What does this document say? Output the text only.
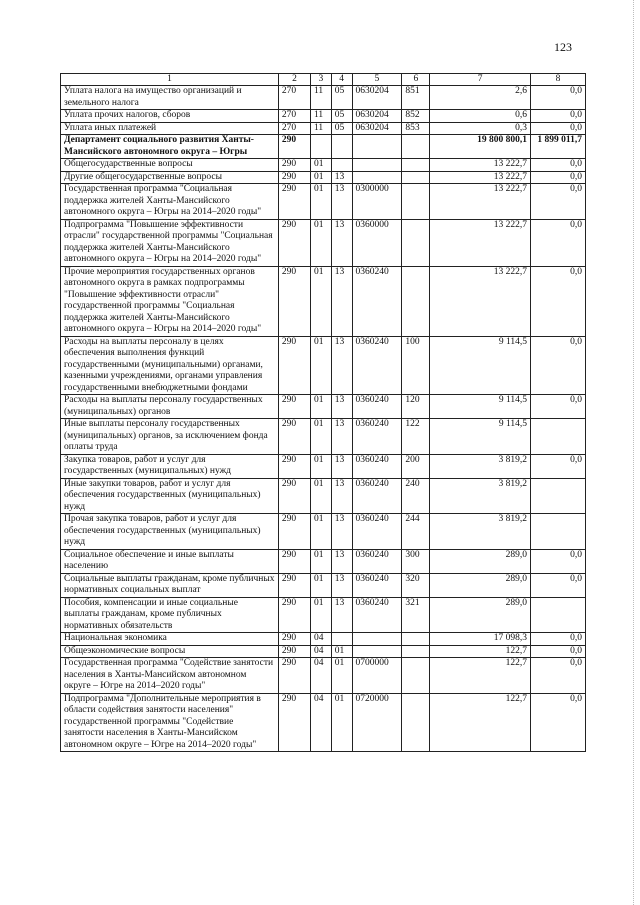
123
1	2	3	4	5	6	7	8
Уплата налога на имущество организаций и земельного налога	270	11	05	0630204	851	2,6	0,0
Уплата прочих налогов, сборов	270	11	05	0630204	852	0,6	0,0
Уплата иных платежей	270	11	05	0630204	853	0,3	0,0
Департамент социального развития Ханты-Мансийского автономного округа – Югры	290					19 800 800,1	1 899 011,7
Общегосударственные вопросы	290	01				13 222,7	0,0
Другие общегосударственные вопросы	290	01	13			13 222,7	0,0
Государственная программа "Социальная поддержка жителей Ханты-Мансийского автономного округа – Югры на 2014–2020 годы"	290	01	13	0300000		13 222,7	0,0
Подпрограмма "Повышение эффективности отрасли" государственной программы "Социальная поддержка жителей Ханты-Мансийского автономного округа – Югры на 2014–2020 годы"	290	01	13	0360000		13 222,7	0,0
Прочие мероприятия государственных органов автономного округа в рамках подпрограммы "Повышение эффективности отрасли" государственной программы "Социальная поддержка жителей Ханты-Мансийского автономного округа – Югры на 2014–2020 годы"	290	01	13	0360240		13 222,7	0,0
Расходы на выплаты персоналу в целях обеспечения выполнения функций государственными (муниципальными) органами, казенными учреждениями, органами управления государственными внебюджетными фондами	290	01	13	0360240	100	9 114,5	0,0
Расходы на выплаты персоналу государственных (муниципальных) органов	290	01	13	0360240	120	9 114,5	0,0
Иные выплаты персоналу государственных (муниципальных) органов, за исключением фонда оплаты труда	290	01	13	0360240	122	9 114,5	
Закупка товаров, работ и услуг для государственных (муниципальных) нужд	290	01	13	0360240	200	3 819,2	0,0
Иные закупки товаров, работ и услуг для обеспечения государственных (муниципальных) нужд	290	01	13	0360240	240	3 819,2	
Прочая закупка товаров, работ и услуг для обеспечения государственных (муниципальных) нужд	290	01	13	0360240	244	3 819,2	
Социальное обеспечение и иные выплаты населению	290	01	13	0360240	300	289,0	0,0
Социальные выплаты гражданам, кроме публичных нормативных социальных выплат	290	01	13	0360240	320	289,0	0,0
Пособия, компенсации и иные социальные выплаты гражданам, кроме публичных нормативных обязательств	290	01	13	0360240	321	289,0	
Национальная экономика	290	04				17 098,3	0,0
Общеэкономические вопросы	290	04	01			122,7	0,0
Государственная программа "Содействие занятости населения в Ханты-Мансийском автономном округе – Югре на 2014–2020 годы"	290	04	01	0700000		122,7	0,0
Подпрограмма "Дополнительные мероприятия в области содействия занятости населения" государственной программы "Содействие занятости населения в Ханты-Мансийском автономном округе – Югре на 2014–2020 годы"	290	04	01	0720000		122,7	0,0
